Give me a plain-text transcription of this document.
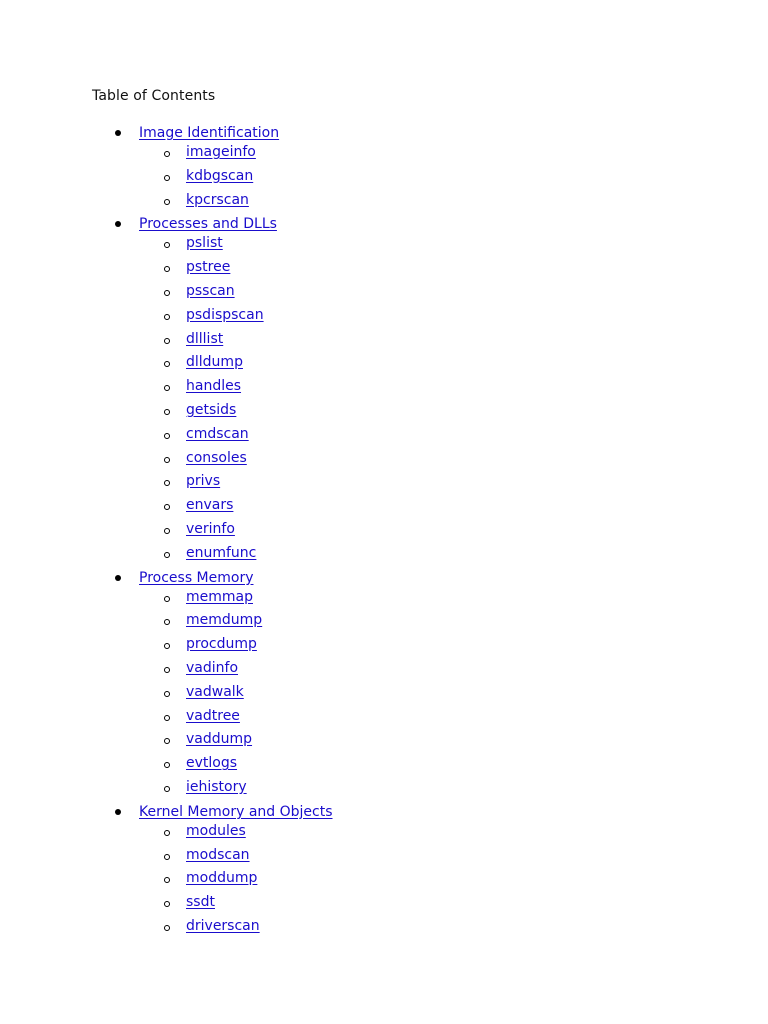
Table of Contents
Image Identification
imageinfo
kdbgscan
kpcrscan
Processes and DLLs
pslist
pstree
psscan
psdispscan
dlllist
dlldump
handles
getsids
cmdscan
consoles
privs
envars
verinfo
enumfunc
Process Memory
memmap
memdump
procdump
vadinfo
vadwalk
vadtree
vaddump
evtlogs
iehistory
Kernel Memory and Objects
modules
modscan
moddump
ssdt
driverscan
